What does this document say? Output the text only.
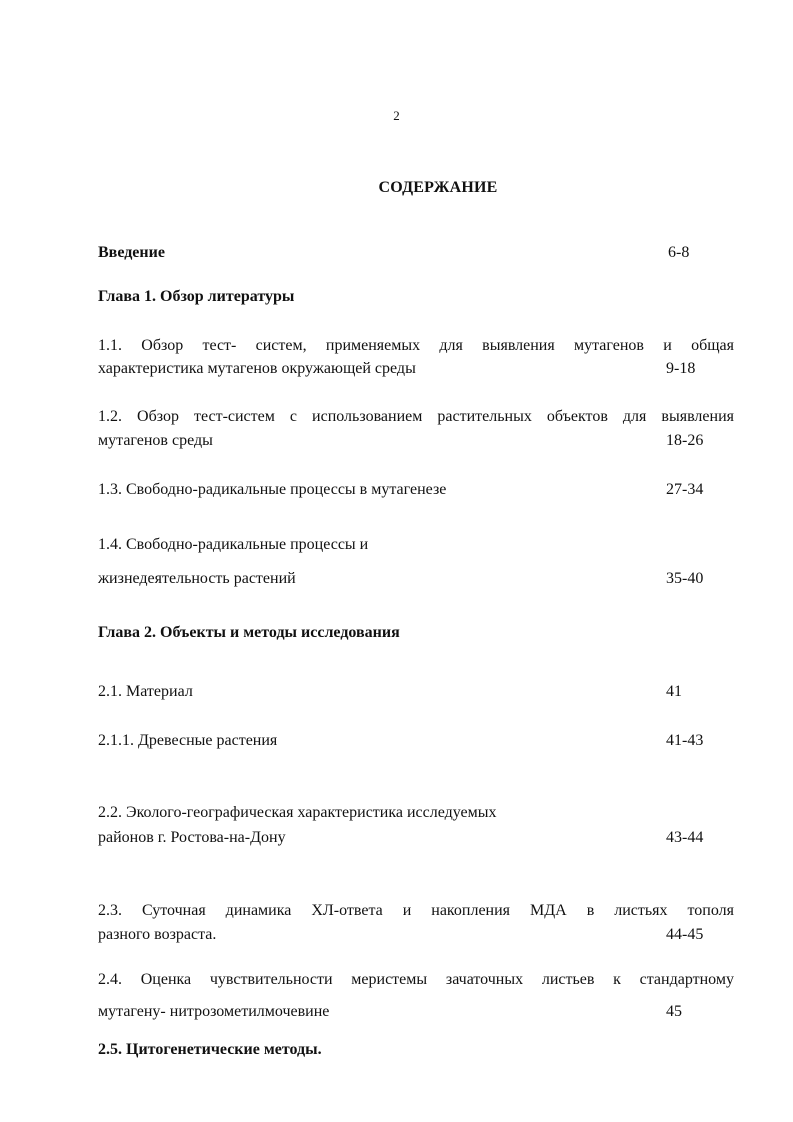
2
СОДЕРЖАНИЕ
Введение	6-8
Глава 1. Обзор литературы
1.1. Обзор тест- систем, применяемых для выявления мутагенов и общая
характеристика мутагенов окружающей среды	9-18
1.2. Обзор тест-систем с использованием растительных объектов для выявления
мутагенов среды	18-26
1.3. Свободно-радикальные процессы в мутагенезе	27-34
1.4. Свободно-радикальные процессы и
жизнедеятельность растений	35-40
Глава 2. Объекты и методы исследования
2.1. Материал	41
2.1.1. Древесные растения	41-43
2.2. Эколого-географическая характеристика исследуемых
районов г. Ростова-на-Дону	43-44
2.3. Суточная динамика ХЛ-ответа и накопления МДА в листьях тополя
разного возраста.	44-45
2.4. Оценка чувствительности меристемы зачаточных листьев к стандартному
мутагену- нитрозометилмочевине	45
2.5. Цитогенетические методы.
